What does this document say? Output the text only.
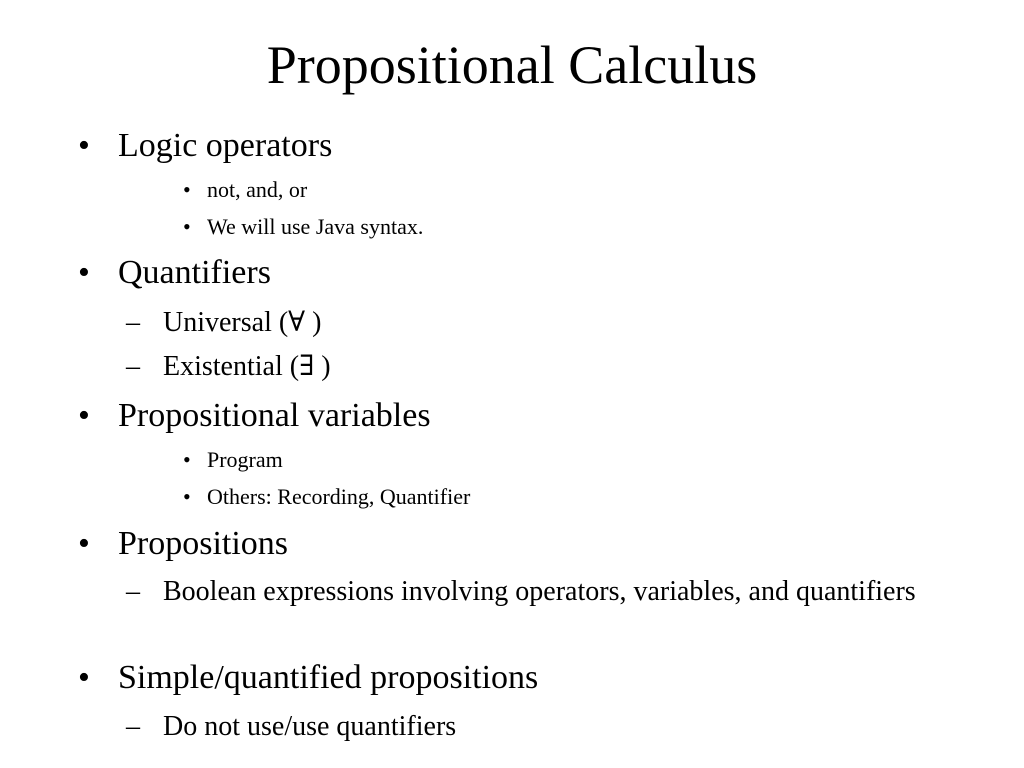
Propositional Calculus
• Logic operators
• not, and, or
• We will use Java syntax.
• Quantifiers
– Universal (∀ )
– Existential (∃ )
• Propositional variables
• Program
• Others: Recording, Quantifier
• Propositions
– Boolean expressions involving operators, variables, and quantifiers
• Simple/quantified propositions
– Do not use/use quantifiers
